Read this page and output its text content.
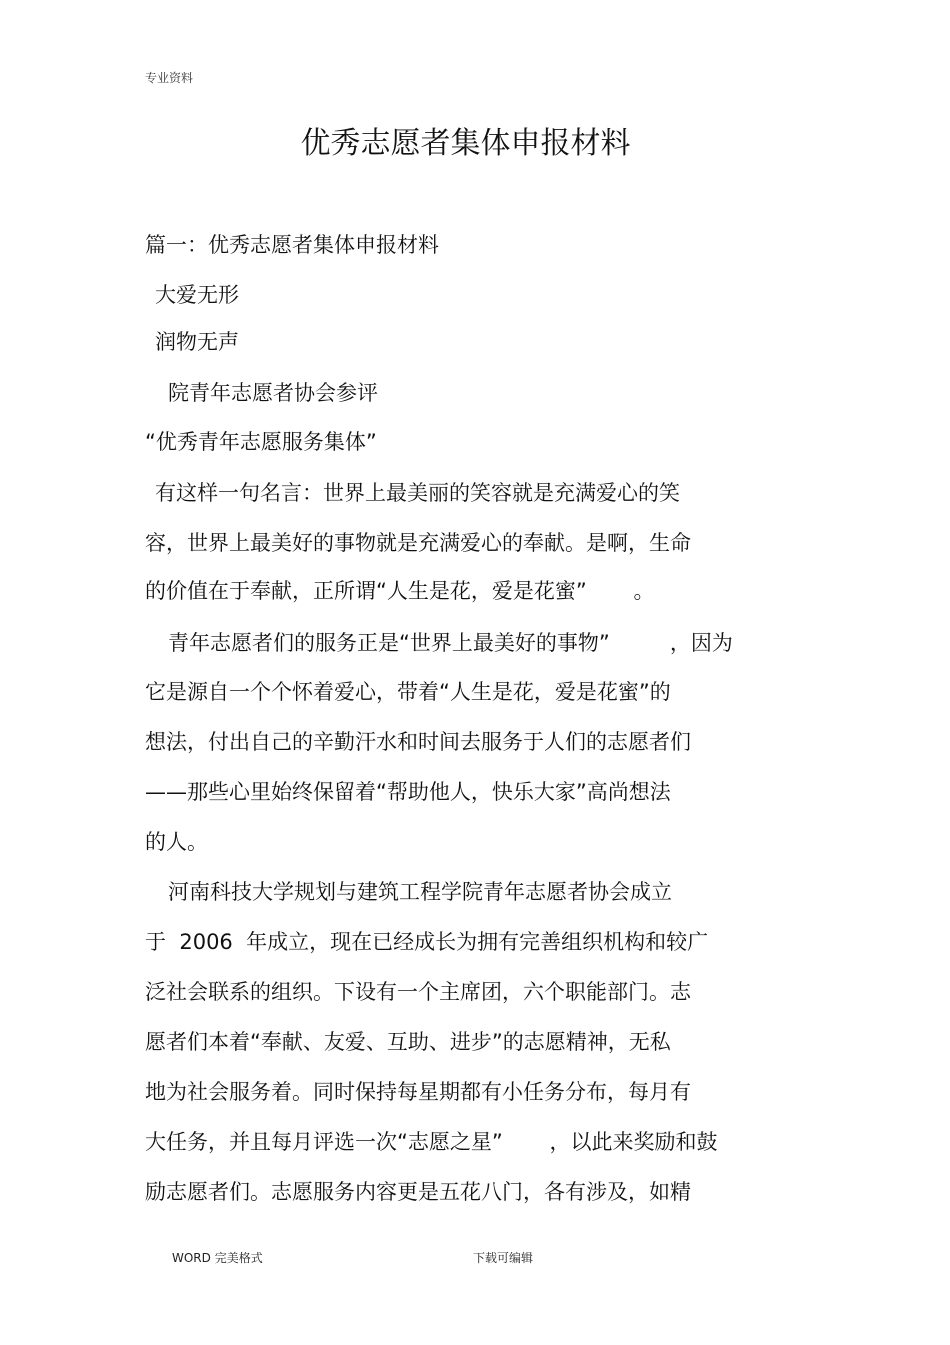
专业资料
优秀志愿者集体申报材料
篇一：优秀志愿者集体申报材料
大爱无形
润物无声
院青年志愿者协会参评
“优秀青年志愿服务集体”
有这样一句名言：世界上最美丽的笑容就是充满爱心的笑
容，世界上最美好的事物就是充满爱心的奉献。是啊，生命
的价值在于奉献，正所谓“人生是花，爱是花蜜”       。
青年志愿者们的服务正是“世界上最美好的事物”         ，因为
它是源自一个个怀着爱心，带着“人生是花，爱是花蜜”的
想法，付出自己的辛勤汗水和时间去服务于人们的志愿者们
——那些心里始终保留着“帮助他人，快乐大家”高尚想法
的人。
河南科技大学规划与建筑工程学院青年志愿者协会成立
于  2006  年成立，现在已经成长为拥有完善组织机构和较广
泛社会联系的组织。下设有一个主席团，六个职能部门。志
愿者们本着“奉献、友爱、互助、进步”的志愿精神，无私
地为社会服务着。同时保持每星期都有小任务分布，每月有
大任务，并且每月评选一次“志愿之星”       ，以此来奖励和鼓
励志愿者们。志愿服务内容更是五花八门，各有涉及，如精
WORD 完美格式	下载可编辑
